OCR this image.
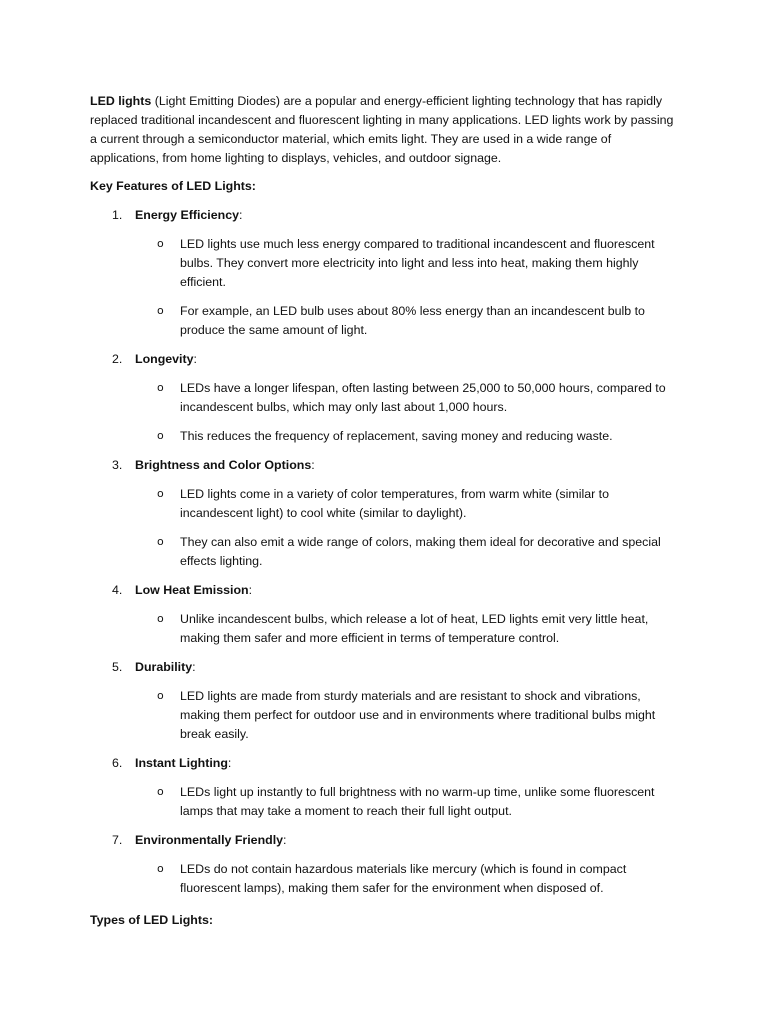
LED lights (Light Emitting Diodes) are a popular and energy-efficient lighting technology that has rapidly replaced traditional incandescent and fluorescent lighting in many applications. LED lights work by passing a current through a semiconductor material, which emits light. They are used in a wide range of applications, from home lighting to displays, vehicles, and outdoor signage.

Key Features of LED Lights:

1.	Energy Efficiency:
o LED lights use much less energy compared to traditional incandescent and fluorescent bulbs. They convert more electricity into light and less into heat, making them highly efficient.
o For example, an LED bulb uses about 80% less energy than an incandescent bulb to produce the same amount of light.
2.	Longevity:
o LEDs have a longer lifespan, often lasting between 25,000 to 50,000 hours, compared to incandescent bulbs, which may only last about 1,000 hours.
o This reduces the frequency of replacement, saving money and reducing waste.
3.	Brightness and Color Options:
o LED lights come in a variety of color temperatures, from warm white (similar to incandescent light) to cool white (similar to daylight).
o They can also emit a wide range of colors, making them ideal for decorative and special effects lighting.
4.	Low Heat Emission:
o Unlike incandescent bulbs, which release a lot of heat, LED lights emit very little heat, making them safer and more efficient in terms of temperature control.
5.	Durability:
o LED lights are made from sturdy materials and are resistant to shock and vibrations, making them perfect for outdoor use and in environments where traditional bulbs might break easily.
6.	Instant Lighting:
o LEDs light up instantly to full brightness with no warm-up time, unlike some fluorescent lamps that may take a moment to reach their full light output.
7.	Environmentally Friendly:
o LEDs do not contain hazardous materials like mercury (which is found in compact fluorescent lamps), making them safer for the environment when disposed of.

Types of LED Lights:
